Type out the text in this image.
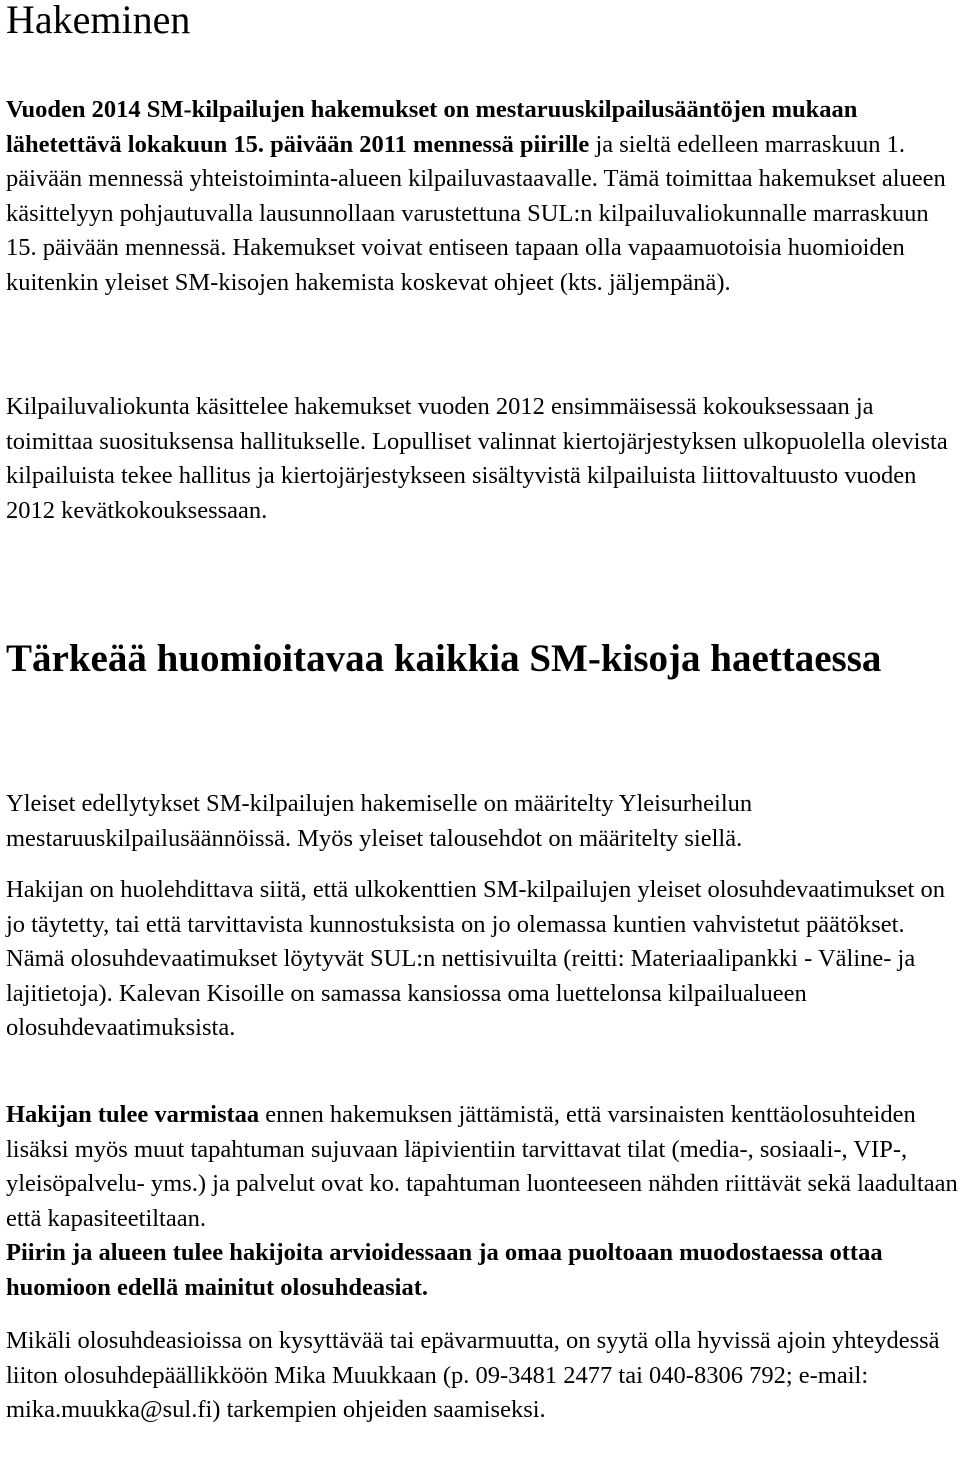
Hakeminen

Vuoden 2014 SM-kilpailujen hakemukset on mestaruuskilpailusääntöjen mukaan lähetettävä lokakuun 15. päivään 2011 mennessä piirille ja sieltä edelleen marraskuun 1. päivään mennessä yhteistoiminta-alueen kilpailuvastaavalle. Tämä toimittaa hakemukset alueen käsittelyyn pohjautuvalla lausunnollaan varustettuna SUL:n kilpailuvaliokunnalle marraskuun 15. päivään mennessä. Hakemukset voivat entiseen tapaan olla vapaamuotoisia huomioiden kuitenkin yleiset SM-kisojen hakemista koskevat ohjeet (kts. jäljempänä).

Kilpailuvaliokunta käsittelee hakemukset vuoden 2012 ensimmäisessä kokouksessaan ja toimittaa suosituksensa hallitukselle. Lopulliset valinnat kiertojärjestyksen ulkopuolella olevista kilpailuista tekee hallitus ja kiertojärjestykseen sisältyvistä kilpailuista liittovaltuusto vuoden 2012 kevätkokouksessaan.

Tärkeää huomioitavaa kaikkia SM-kisoja haettaessa

Yleiset edellytykset SM-kilpailujen hakemiselle on määritelty Yleisurheilun mestaruuskilpailusäännöissä. Myös yleiset talousehdot on määritelty siellä.

Hakijan on huolehdittava siitä, että ulkokenttien SM-kilpailujen yleiset olosuhdevaatimukset on jo täytetty, tai että tarvittavista kunnostuksista on jo olemassa kuntien vahvistetut päätökset. Nämä olosuhdevaatimukset löytyvät SUL:n nettisivuilta (reitti: Materiaalipankki - Väline- ja lajitietoja). Kalevan Kisoille on samassa kansiossa oma luettelonsa kilpailualueen olosuhdevaatimuksista.

Hakijan tulee varmistaa ennen hakemuksen jättämistä, että varsinaisten kenttäolosuhteiden lisäksi myös muut tapahtuman sujuvaan läpivientiin tarvittavat tilat (media-, sosiaali-, VIP-, yleisöpalvelu- yms.) ja palvelut ovat ko. tapahtuman luonteeseen nähden riittävät sekä laadultaan että kapasiteetiltaan.
Piirin ja alueen tulee hakijoita arvioidessaan ja omaa puoltoaan muodostaessa ottaa huomioon edellä mainitut olosuhdeasiat.

Mikäli olosuhdeasioissa on kysyttävää tai epävarmuutta, on syytä olla hyvissä ajoin yhteydessä liiton olosuhdepäällikköön Mika Muukkaan (p. 09-3481 2477 tai 040-8306 792; e-mail: mika.muukka@sul.fi) tarkempien ohjeiden saamiseksi.
